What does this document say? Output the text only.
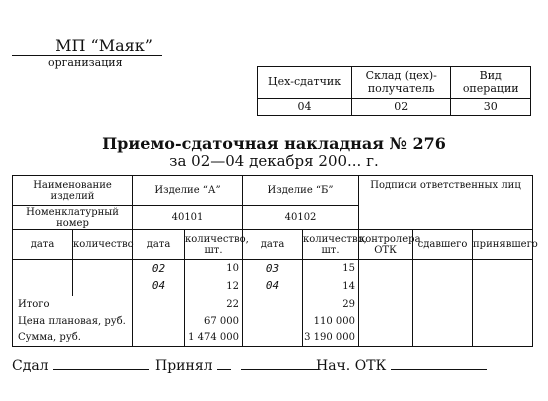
МП “Маяк”
организация
Цех-сдатчик	Склад (цех)-получатель	Вид операции
04	02	30
Приемо-сдаточная накладная № 276
за 02—04 декабря 200... г.
Наименование изделий		Изделие “А”		Изделие “Б”		Подписи ответственных лиц		
Номенклатурный номер		40101		40102				
дата	количество	дата	количество, шт.	дата	количество, шт.	контролера ОТК	сдавшего	принявшего
		02	10	03	15			
		04	12	04	14			
Итого			22		29			
Цена плановая, руб.			67 000		110 000			
Сумма, руб.			1 474 000		3 190 000			
Сдал	Принял	Нач. ОТК
